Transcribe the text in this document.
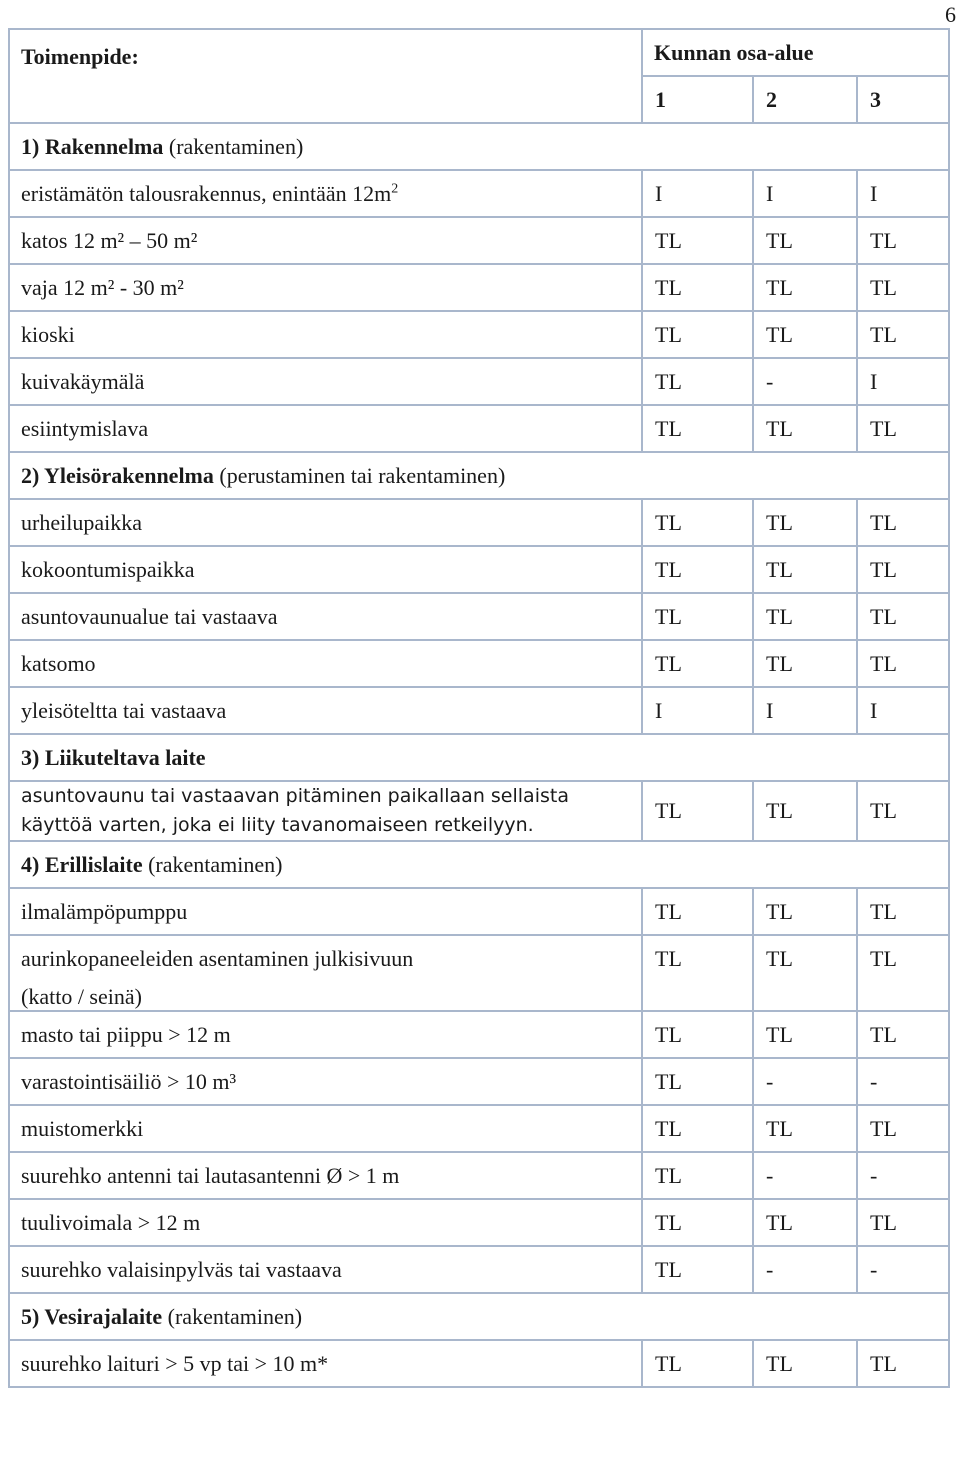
6
Toimenpide:	Kunnan osa-alue		
	1	2	3
1) Rakennelma (rakentaminen)			
eristämätön talousrakennus, enintään $12m^2$	I	I	I
katos 12 m² – 50 m²	TL	TL	TL
vaja 12 m² - 30 m²	TL	TL	TL
kioski	TL	TL	TL
kuivakäymälä	TL	-	I
esiintymislava	TL	TL	TL
2) Yleisörakennelma (perustaminen tai rakentaminen)			
urheilupaikka	TL	TL	TL
kokoontumispaikka	TL	TL	TL
asuntovaunualue tai vastaava	TL	TL	TL
katsomo	TL	TL	TL
yleisöteltta tai vastaava	I	I	I
3) Liikuteltava laite			
asuntovaunu tai vastaavan pitäminen paikallaan sellaista käyttöä varten, joka ei liity tavanomaiseen retkeilyyn.	TL	TL	TL
4) Erillislaite (rakentaminen)			
ilmalämpöpumppu	TL	TL	TL
aurinkopaneeleiden asentaminen julkisivuun
(katto / seinä)	TL	TL	TL
masto tai piippu > 12 m	TL	TL	TL
varastointisäiliö > 10 m³	TL	-	-
muistomerkki	TL	TL	TL
suurehko antenni tai lautasantenni Ø > 1 m	TL	-	-
tuulivoimala > 12 m	TL	TL	TL
suurehko valaisinpylväs tai vastaava	TL	-	-
5) Vesirajalaite (rakentaminen)			
suurehko laituri > 5 vp tai > 10 m*	TL	TL	TL
